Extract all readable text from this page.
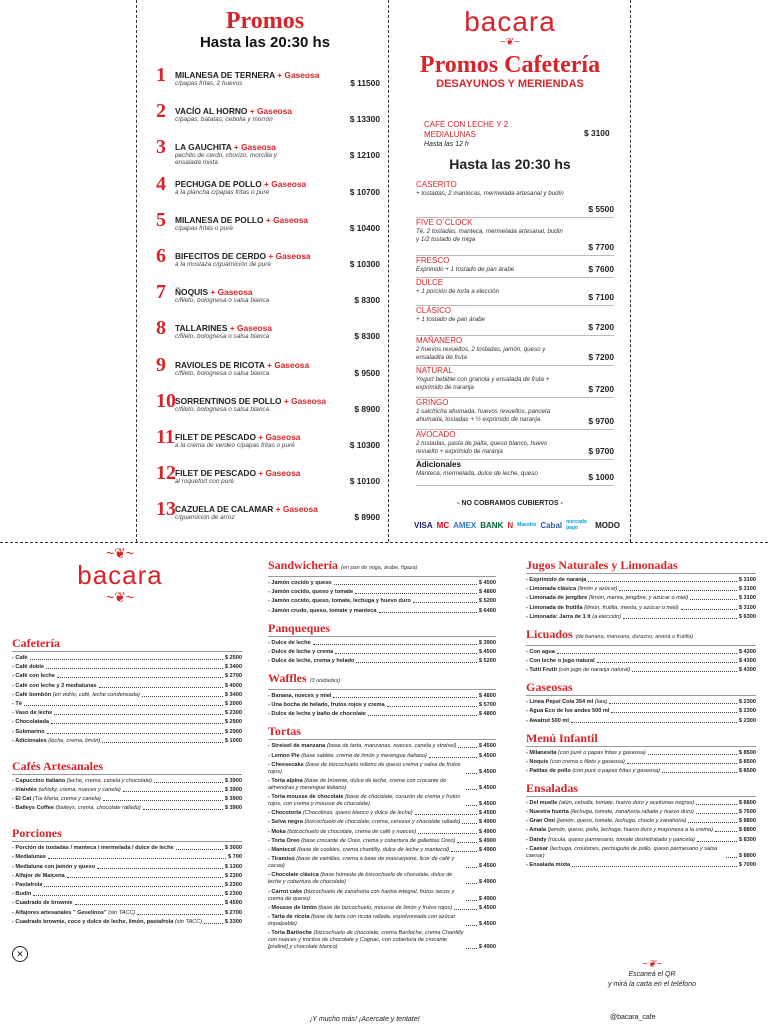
Promos
Hasta las 20:30 hs
1	MILANESA DE TERNERA + Gaseosa
c/papas fritas, 2 huevos	$ 11500
2	VACÍO AL HORNO + Gaseosa
c/papas, batatas, cebolla y morrón	$ 13300
3	LA GAUCHITA + Gaseosa
pechito de cerdo, chorizo, morcilla y ensalada mixta
$ 12100
4	PECHUGA DE POLLO + Gaseosa
a la plancha c/papas fritas o puré	$ 10700
5	MILANESA DE POLLO + Gaseosa
c/papas fritas o puré	$ 10400
6	BIFECITOS DE CERDO + Gaseosa
a la mostaza c/guarnición de puré	$ 10300
7	ÑOQUIS + Gaseosa
c/fileto, bolognesa o salsa blanca	$ 8300
8	TALLARINES + Gaseosa
c/fileto, bolognesa o salsa blanca	$ 8300
9	RAVIOLES DE RICOTA + Gaseosa
c/fileto, bolognesa o salsa blanca	$ 9500
10 SORRENTINOS DE POLLO + Gaseosa
c/fileto, bolognesa o salsa blanca	$ 8900
11 FILET DE PESCADO + Gaseosa
a la crema de verdeo c/papas fritas o puré	$ 10300
12 FILET DE PESCADO + Gaseosa
al roquefort con puré	$ 10100
13 CAZUELA DE CALAMAR + Gaseosa
c/guarnición de arroz	$ 8900
bacara
~❦~
Promos Cafetería
DESAYUNOS Y MERIENDAS
CAFÉ CON LECHE Y 2 MEDIALUNAS
Hasta las 12 h
$ 3100
Hasta las 20:30 hs
CASERITO
+ tostadas, 2 mantecas, mermelada artesanal y budín
$ 5500
FIVE O´CLOCK
Té, 2 tostadas, manteca, mermelada artesanal, budín y 1/2 tostado de miga
$ 7700
FRESCO
Exprimido + 1 tostado de pan árabe	$ 7600
DULCE
+ 1 porción de torta a elección
$ 7100
CLÁSICO
+ 1 tostado de pan árabe
$ 7200
MAÑANERO
2 huevos revueltos, 2 tostadas, jamón, queso y ensaladita de fruta	$ 7200
NATURAL
Yogurt bebible con granola y ensalada de fruta + exprimido de naranja	$ 7200
GRINGO
1 salchicha ahumada, huevos revueltos, panceta ahumada, tostadas + ½ exprimido de naranja	$ 9700
AVOCADO
2 tostadas, pasta de palta, queso blanco, huevo revuelto + exprimido de naranja	$ 9700
Adicionales
Manteca, mermelada, dulce de leche, queso	$ 1000
- NO COBRAMOS CUBIERTOS -
VISA MC AMEX BANK N Maestro Cabal mercado pago	MODO
~❦~
bacara
~❦~
Cafetería
- Café	$ 2500
- Café doble	$ 3400
- Café con leche	$ 2700
- Café con leche y 2 medialunas	$ 4000
- Café bombón (en vidrio, café, leche condensada)	$ 3400
- Té	$ 2000
- Vaso de leche	$ 2300
- Chocolatada	$ 2900
- Submarino	$ 2900
- Adicionales (leche, crema, limón)	$ 1000
Cafés Artesanales
- Capuccino italiano (leche, crema, canela y chocolate)	$ 3900
- Irlandés (whisky, crema, nueces y canela)	$ 3900
- El Cat (Tia Maria, crema y canela)	$ 3900
- Baileys Coffee (baileys, crema, chocolate rallado)	$ 3900
Porciones
- Porción de tostadas / manteca / mermelada / dulce de leche	$ 3000
- Medialunas	$ 700
- Medialuna con jamón y queso	$ 1300
- Alfajor de Maicena	$ 2300
- Pastafrola	$ 2300
- Budín	$ 2300
- Cuadrado de brownie	$ 4500
- Alfajores artesanales " Geselinos" (sin TACC)	$ 2700
- Cuadrado brownie, coco y dulce de leche, limón, pastafrola (sin TACC)	$ 3300
Sandwichería (en pan de miga, árabe, figaza)
- Jamón cocido y queso	$ 4500
- Jamón cocido, queso y tomate	$ 4800
- Jamón cocido, queso, tomate, lechuga y huevo duro	$ 5200
- Jamón crudo, queso, tomate y manteca	$ 6400
Panqueques
- Dulce de leche	$ 3900
- Dulce de leche y crema	$ 4500
- Dulce de leche, crema y helado	$ 5200
Waffles (3 unidades)
- Banana, nueces y miel	$ 4800
- Una bocha de helado, frutos rojos y crema	$ 5700
- Dulce de leche y baño de chocolate	$ 4800
Tortas
- Streisel de manzana (base de tarta, manzanas, nueces, canela y streisel)	$ 4500
- Lemon Pie (base sablée, crema de limón y merengue italiano)	$ 4500
- Cheesecake (base de bizcochuelo relleno de queso crema y salsa de frutos rojos)	$ 4500
- Torta alpina (base de brownie, dulce de leche, crema con crocante de almendras y merengue italiano)	$ 4500
- Torta mousse de chocolate (base de chocolate, corazón de crema y frutos rojos, con crema y mousse de chocolate)	$ 4500
- Chocotorta (Chocolinas, queso blanco y dulce de leche)	$ 4500
- Selva negra (bizcochuelo de chocolate, crema, cerezas y chocolate rallado)	$ 4900
- Moka (bizcochuelo de chocolate, crema de café y nueces)	$ 4900
- Torta Oreo (base crocante de Oreo, crema y cobertura de galletitas Oreo)	$ 4900
- Mantecol (base de cookies, crema chantilly, dulce de leche y mantecol)	$ 4900
- Tiramisú (base de vainillas, crema a base de mascarpone, licor de café y cacao)	$ 4500
- Chocolate clásica (base húmeda de bizcochuelo de chocolate, dulce de leche y cobertura de chocolate)	$ 4900
- Carrot cake (bizcochuelo de zanahoria con harina integral, frutos secos y crema de queso)	$ 4900
- Mousse de limón (base de bizcochuelo, mousse de limón y frutos rojos)	$ 4500
- Tarta de ricota (base de tarta con ricota rallada, espolvoreada con azúcar impalpable)	$ 4500
- Torta Bariloche (bizcochuelo de chocolate, crema Bariloche, crema Chantilly con nueces y trocitos de chocolate y Cognac, con cobertura de crocante [praliné] y chocolate blanco)	$ 4900
Jugos Naturales y Limonadas
- Exprimido de naranja	$ 3100
- Limonada clásica (limón y azúcar)	$ 3100
- Limonada de jengibre (limón, menta, jengibre, y azúcar o miel)	$ 3100
- Limonada de frutilla (limón, frutilla, menta, y azúcar o miel)	$ 3100
- Limonada: Jarra de 1 lt (a elección)	$ 6300
Licuados (de banana, manzana, durazno, ananá o frutilla)
- Con agua	$ 4300
- Con leche o jugo natural	$ 4300
- Tutti Frutti (con jugo de naranja natural)	$ 4300
Gaseosas
- Línea Pepsi Cola 354 ml (lata)	$ 2300
- Agua Eco de los andes 500 ml	$ 2300
- Awafrut 500 ml	$ 2300
Menú Infantil
- Milanesita (con puré o papas fritas y gaseosa)	$ 8500
- Ñoquis (con crema o fileto y gaseosa)	$ 8500
- Patitas de pollo (con puré o papas fritas y gaseosa)	$ 8500
Ensaladas
- Del muelle (atún, cebolla, tomate, huevo duro y aceitunas negras)	$ 8800
- Nuestra huerta (lechuga, tomate, zanahoria rallada y huevo duro)	$ 7600
- Gran Omi (jamón, queso, tomate, lechuga, choclo y zanahoria)	$ 8800
- Amala (jamón, queso, pollo, lechuga, huevo duro y mayonesa a la crema)	$ 8800
- Dandy (rúcula, queso parmesano, tomate deshidratado y panceta)	$ 8300
- Caesar (lechuga, croutones, pechuguita de pollo, queso parmesano y salsa caesar)	$ 8800
- Ensalada mixta	$ 7000
✕
~❦~
Escaneá el QR
y mirá la carta en el teléfono
¡Y mucho más! ¡Acercate y tentate!	@bacara_cafe
